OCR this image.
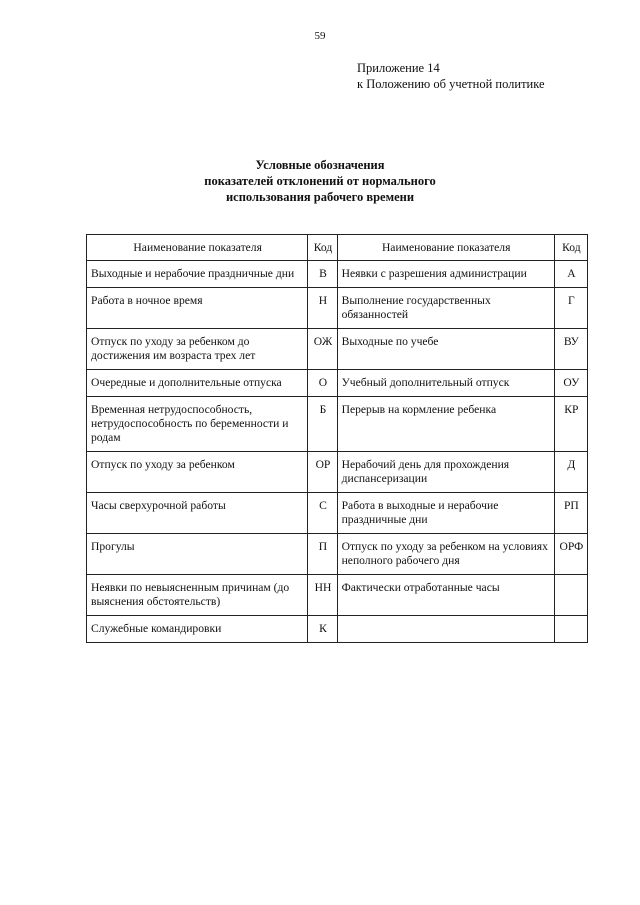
59
Приложение 14
к Положению об учетной политике
Условные обозначения
показателей отклонений от нормального
использования рабочего времени
Наименование показателя	Код	Наименование показателя	Код
Выходные и нерабочие праздничные дни	В	Неявки с разрешения администрации	А
Работа в ночное время	Н	Выполнение государственных обязанностей	Г
Отпуск по уходу за ребенком до достижения им возраста трех лет	ОЖ	Выходные по учебе	ВУ
Очередные и дополнительные отпуска	О	Учебный дополнительный отпуск	ОУ
Временная нетрудоспособность, нетрудоспособность по беременности и родам	Б	Перерыв на кормление ребенка	КР
Отпуск по уходу за ребенком	ОР	Нерабочий день для прохождения диспансеризации	Д
Часы сверхурочной работы	С	Работа в выходные и нерабочие праздничные дни	РП
Прогулы	П	Отпуск по уходу за ребенком на условиях неполного рабочего дня	ОРФ
Неявки по невыясненным причинам (до выяснения обстоятельств)	НН	Фактически отработанные часы	
Служебные командировки	К		
